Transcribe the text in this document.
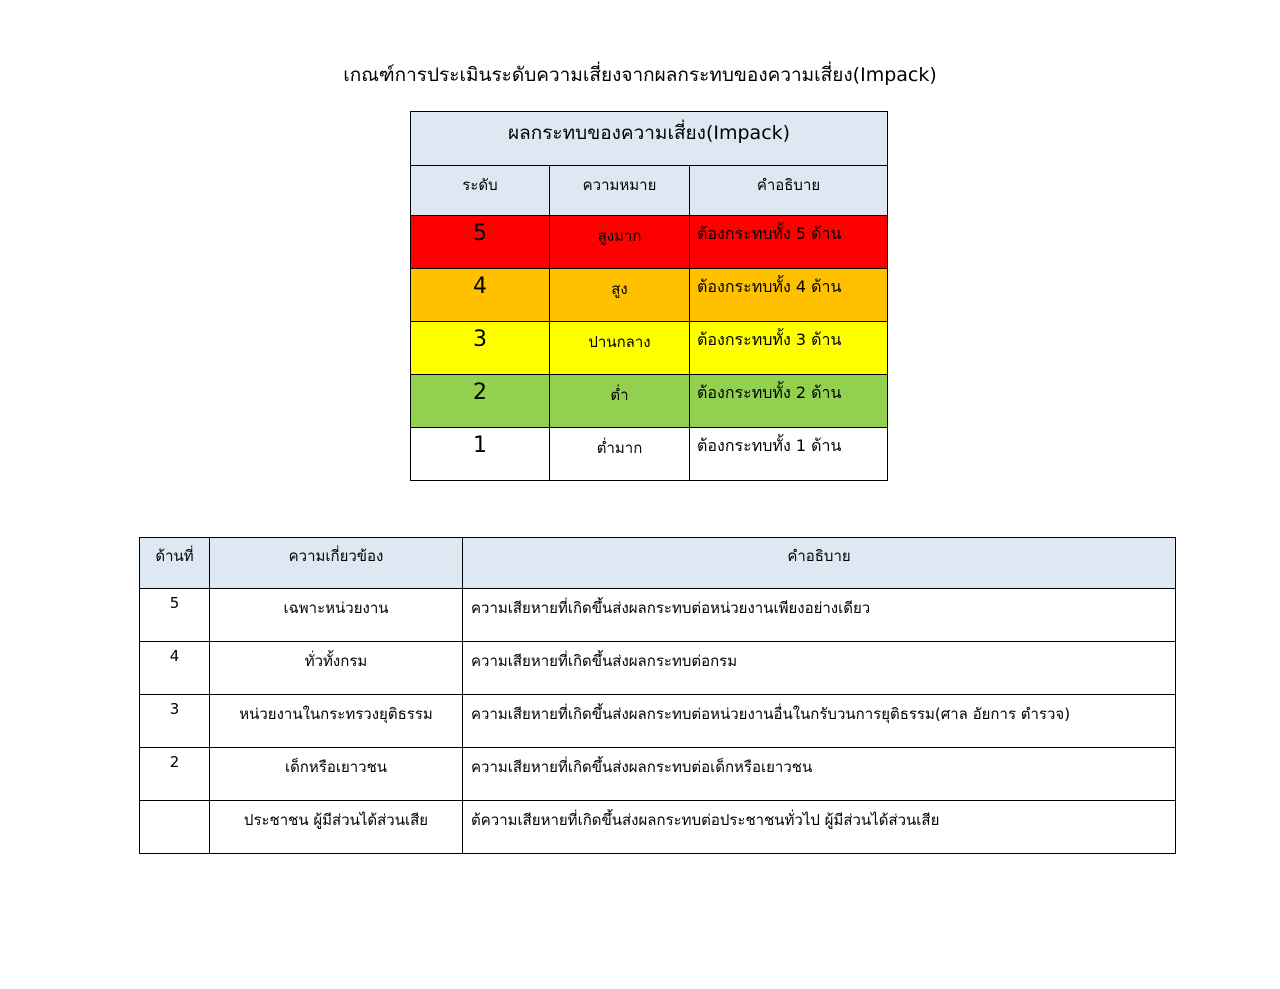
เกณฑ์การประเมินระดับความเสี่ยงจากผลกระทบของความเสี่ยง(Impack)
ผลกระทบของความเสี่ยง(Impack)		
ระดับ	ความหมาย	คำอธิบาย
5	สูงมาก	ต้องกระทบทั้ง 5 ด้าน
4	สูง	ต้องกระทบทั้ง 4 ด้าน
3	ปานกลาง	ต้องกระทบทั้ง 3 ด้าน
2	ต่ำ	ต้องกระทบทั้ง 2 ด้าน
1	ต่ำมาก	ต้องกระทบทั้ง 1 ด้าน
ด้านที่	ความเกี่ยวข้อง	คำอธิบาย
5	เฉพาะหน่วยงาน	ความเสียหายที่เกิดขึ้นส่งผลกระทบต่อหน่วยงานเพียงอย่างเดียว
4	ทั่วทั้งกรม	ความเสียหายที่เกิดขึ้นส่งผลกระทบต่อกรม
3	หน่วยงานในกระทรวงยุติธรรม	ความเสียหายที่เกิดขึ้นส่งผลกระทบต่อหน่วยงานอื่นในกรับวนการยุติธรรม(ศาล อัยการ ตำรวจ)
2	เด็กหรือเยาวชน	ความเสียหายที่เกิดขึ้นส่งผลกระทบต่อเด็กหรือเยาวชน
	ประชาชน ผู้มีส่วนได้ส่วนเสีย	ต้ความเสียหายที่เกิดขึ้นส่งผลกระทบต่อประชาชนทั่วไป ผู้มีส่วนได้ส่วนเสีย
